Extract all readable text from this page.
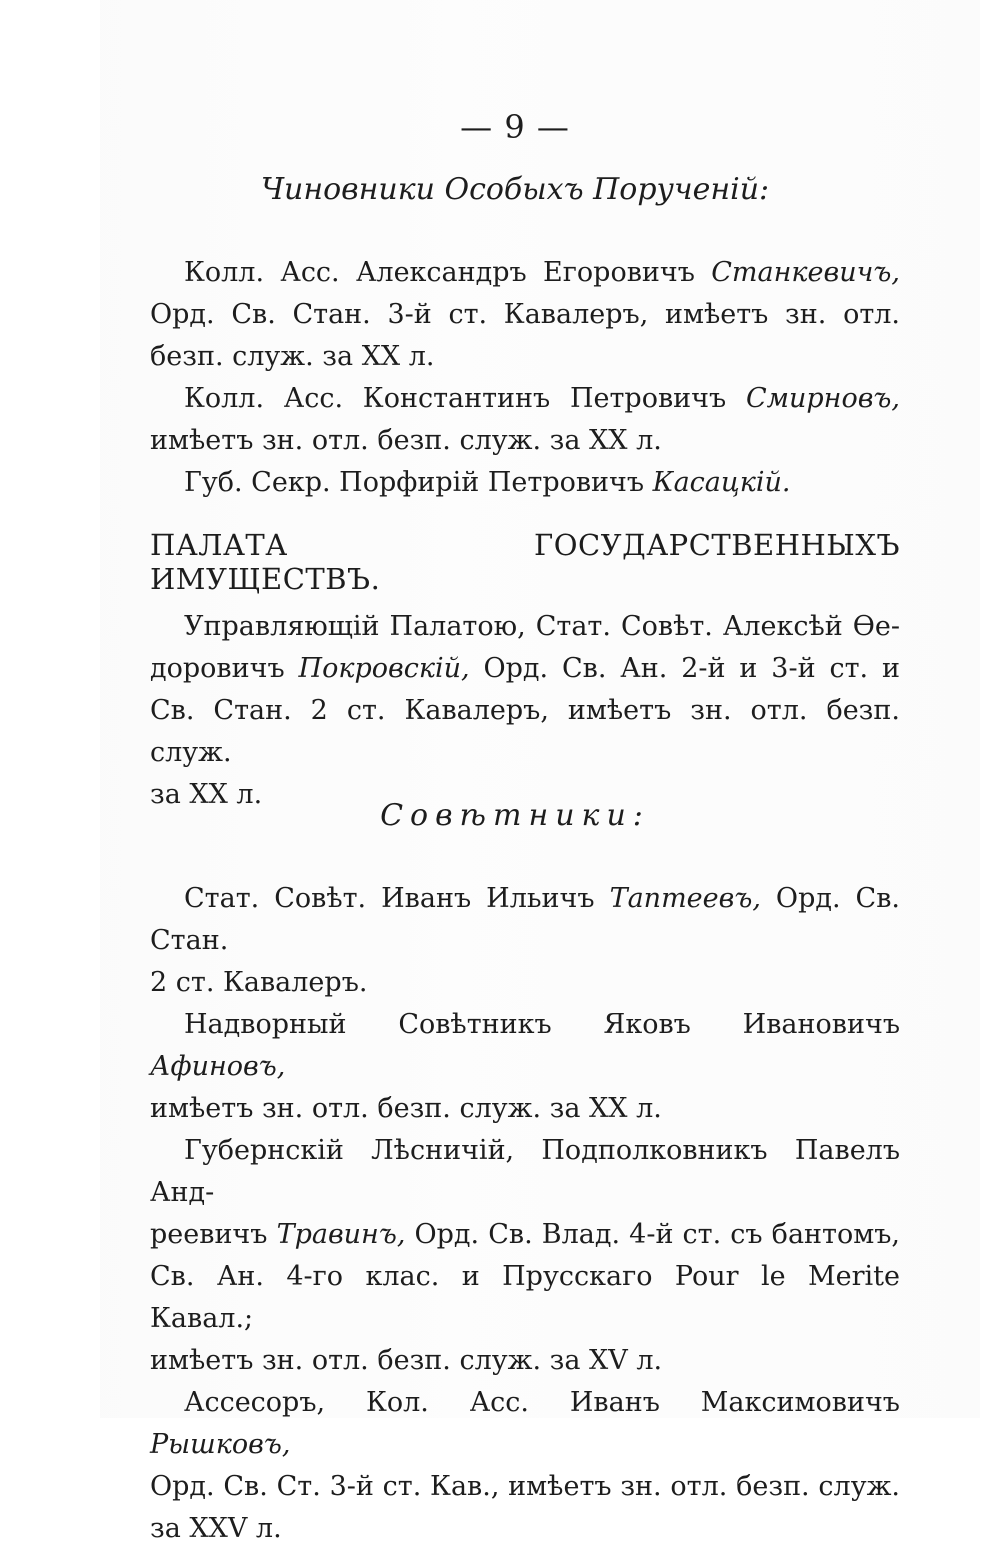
— 9 —
Чиновники Особыхъ Порученій:

Колл. Асс. Александръ Егоровичъ Станкевичъ,
Орд. Св. Стан. 3-й ст. Кавалеръ, имѣетъ зн. отл.
безп. служ. за XX л.

Колл. Асс. Константинъ Петровичъ Смирновъ,
имѣетъ зн. отл. безп. служ. за XX л.

Губ. Секр. Порфирій Петровичъ Касацкій.

ПАЛАТА ГОСУДАРСТВЕННЫХЪ ИМУЩЕСТВЪ.

Управляющій Палатою, Стат. Совѣт. Алексѣй Ѳе-
доровичъ Покровскій, Орд. Св. Ан. 2-й и 3-й ст. и
Св. Стан. 2 ст. Кавалеръ, имѣетъ зн. отл. безп. служ.
за XX л.

Совѣтники:

Стат. Совѣт. Иванъ Ильичъ Таптеевъ, Орд. Св. Стан.
2 ст. Кавалеръ.

Надворный Совѣтникъ Яковъ Ивановичъ Афиновъ,
имѣетъ зн. отл. безп. служ. за XX л.

Губернскій Лѣсничій, Подполковникъ Павелъ Анд-
реевичъ Травинъ, Орд. Св. Влад. 4-й ст. съ бантомъ,
Св. Ан. 4-го клас. и Прусскаго Pour le Merite Кавал.;
имѣетъ зн. отл. безп. служ. за XV л.

Ассесоръ, Кол. Асс. Иванъ Максимовичъ Рышковъ,
Орд. Св. Ст. 3-й ст. Кав., имѣетъ зн. отл. безп. служ.
за XXV л.
